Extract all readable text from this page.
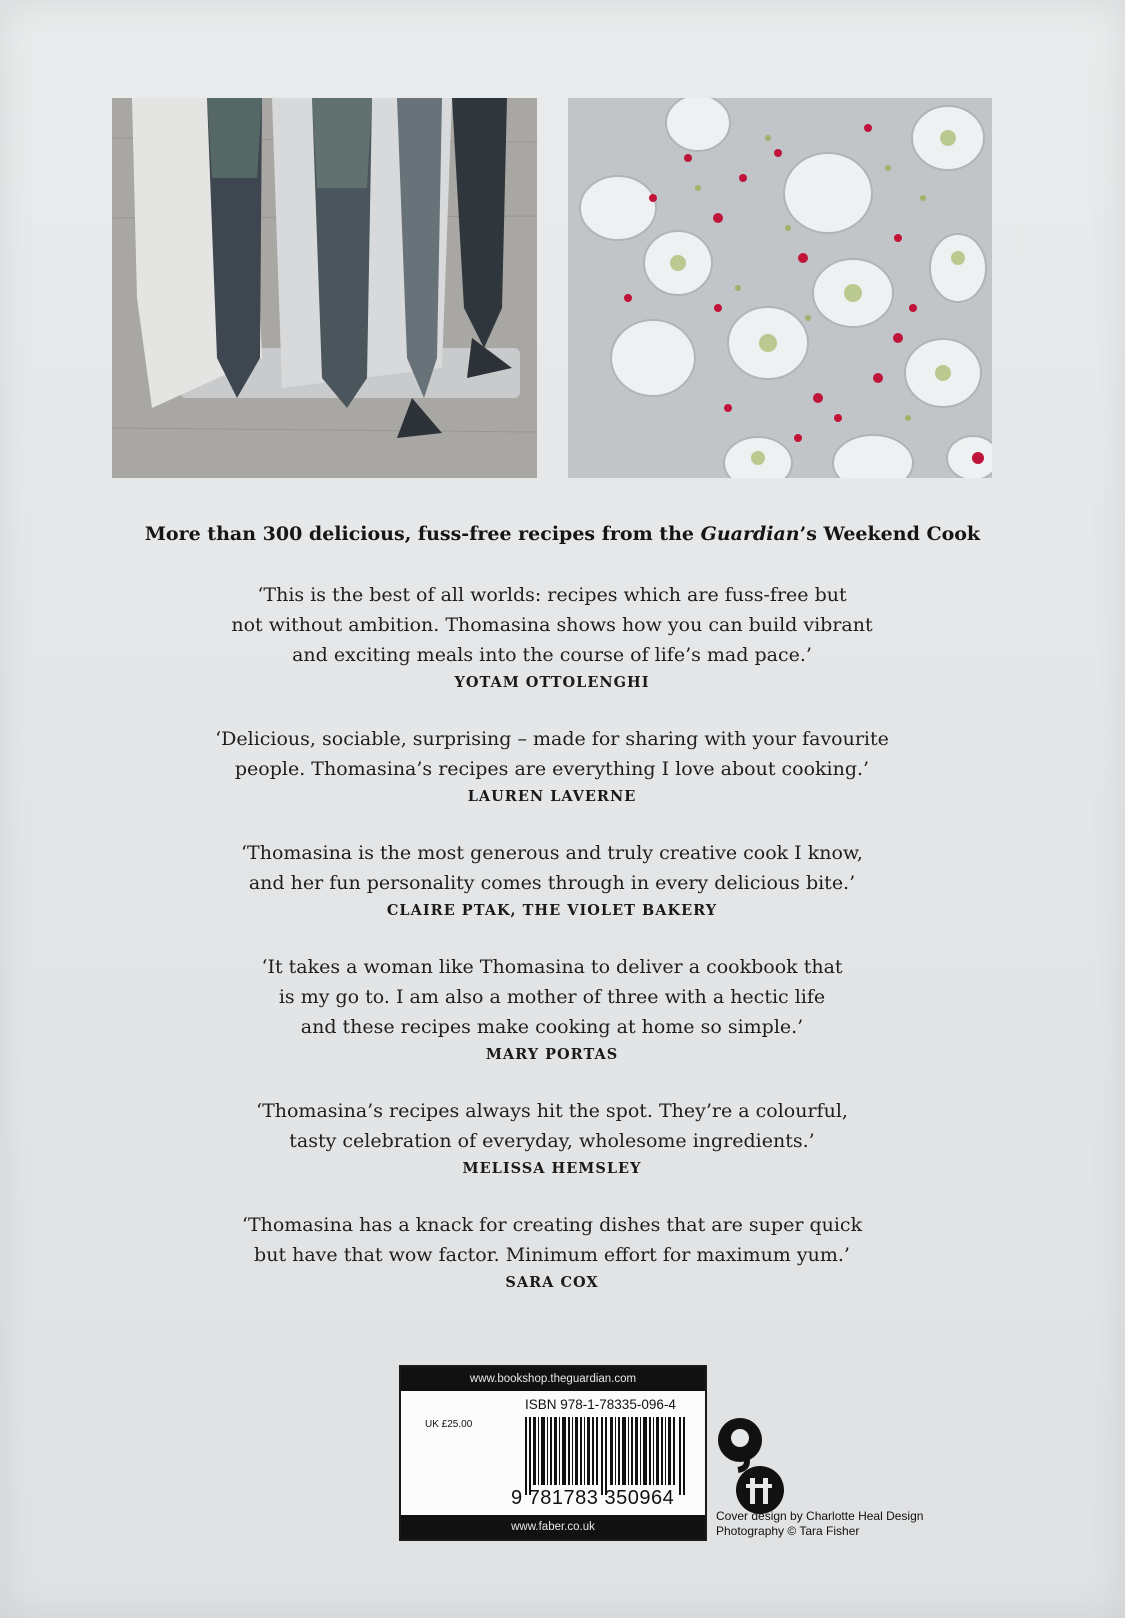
More than 300 delicious, fuss-free recipes from the Guardian’s Weekend Cook
‘This is the best of all worlds: recipes which are fuss-free but
not without ambition. Thomasina shows how you can build vibrant
and exciting meals into the course of life’s mad pace.’
YOTAM OTTOLENGHI
‘Delicious, sociable, surprising – made for sharing with your favourite
people. Thomasina’s recipes are everything I love about cooking.’
LAUREN LAVERNE
‘Thomasina is the most generous and truly creative cook I know,
and her fun personality comes through in every delicious bite.’
CLAIRE PTAK, THE VIOLET BAKERY
‘It takes a woman like Thomasina to deliver a cookbook that
is my go to. I am also a mother of three with a hectic life
and these recipes make cooking at home so simple.’
MARY PORTAS
‘Thomasina’s recipes always hit the spot. They’re a colourful,
tasty celebration of everyday, wholesome ingredients.’
MELISSA HEMSLEY
‘Thomasina has a knack for creating dishes that are super quick
but have that wow factor. Minimum effort for maximum yum.’
SARA COX
www.bookshop.theguardian.com
ISBN 978-1-78335-096-4
UK £25.00
9 781783 350964
www.faber.co.uk
Cover design by Charlotte Heal Design
Photography © Tara Fisher
